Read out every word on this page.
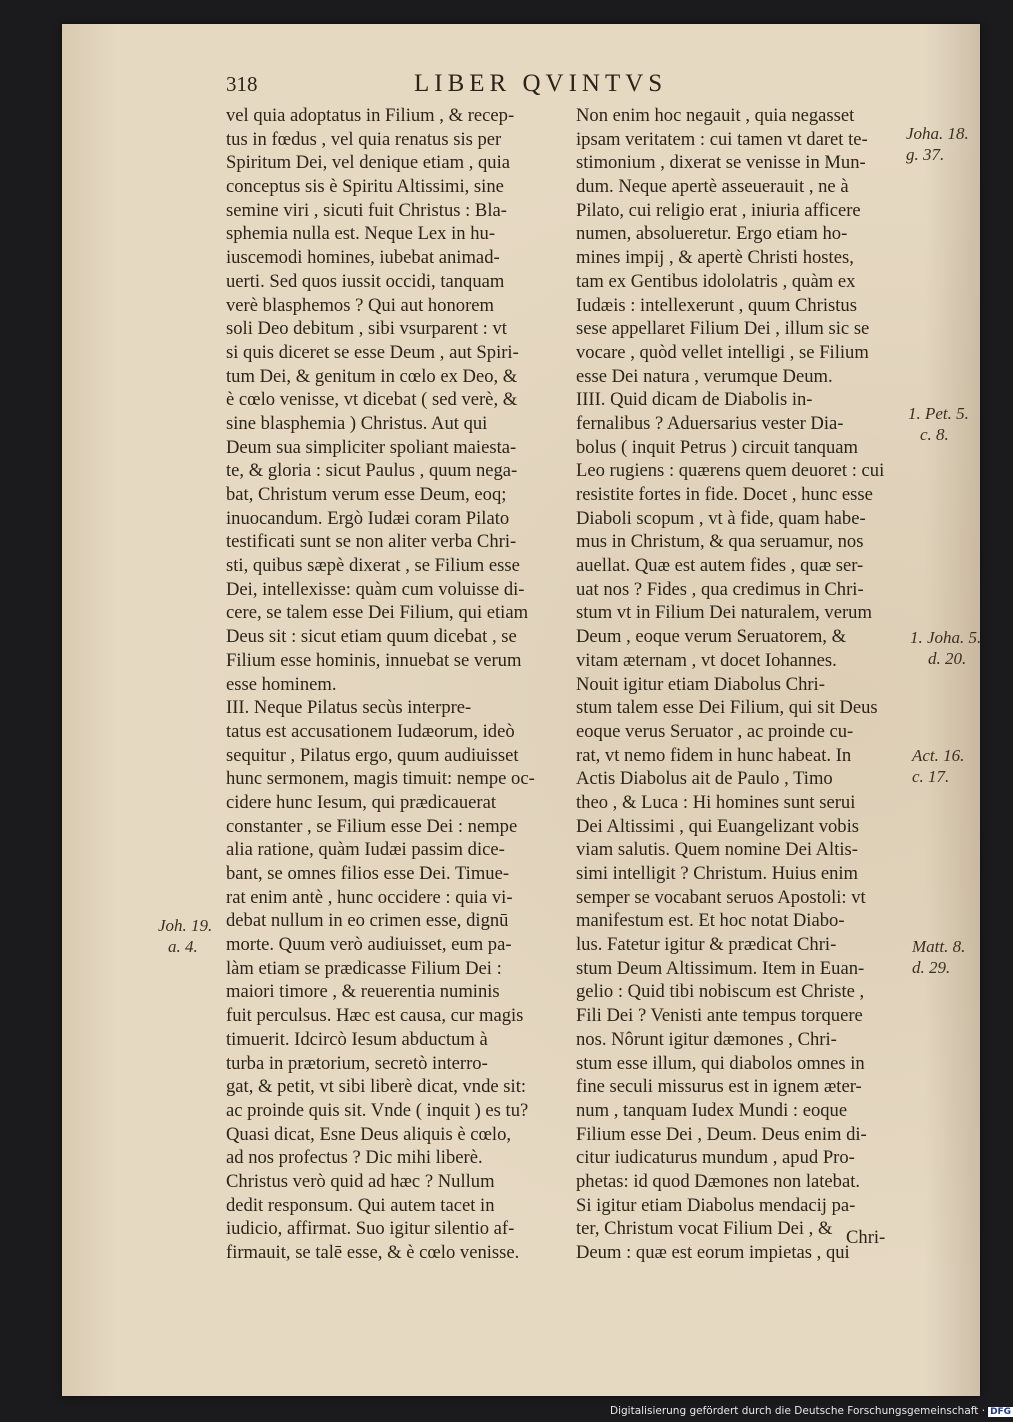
318	LIBER QVINTVS
vel quia adoptatus in Filium , & recep-
tus in fœdus , vel quia renatus sis per
Spiritum Dei, vel denique etiam , quia
conceptus sis è Spiritu Altissimi, sine
semine viri , sicuti fuit Christus : Bla-
sphemia nulla est. Neque Lex in hu-
iuscemodi homines, iubebat animad-
uerti. Sed quos iussit occidi, tanquam
verè blasphemos ? Qui aut honorem
soli Deo debitum , sibi vsurparent : vt
si quis diceret se esse Deum , aut Spiri-
tum Dei, & genitum in cœlo ex Deo, &
è cœlo venisse, vt dicebat ( sed verè, &
sine blasphemia ) Christus. Aut qui
Deum sua simpliciter spoliant maiesta-
te, & gloria : sicut Paulus , quum nega-
bat, Christum verum esse Deum, eoq;
inuocandum. Ergò Iudæi coram Pilato
testificati sunt se non aliter verba Chri-
sti, quibus sæpè dixerat , se Filium esse
Dei, intellexisse: quàm cum voluisse di-
cere, se talem esse Dei Filium, qui etiam
Deus sit : sicut etiam quum dicebat , se
Filium esse hominis, innuebat se verum
esse hominem.
III. Neque Pilatus secùs interpre-
tatus est accusationem Iudæorum, ideò
sequitur , Pilatus ergo, quum audiuisset
hunc sermonem, magis timuit: nempe oc-
cidere hunc Iesum, qui prædicauerat
constanter , se Filium esse Dei : nempe
alia ratione, quàm Iudæi passim dice-
bant, se omnes filios esse Dei. Timue-
rat enim antè , hunc occidere : quia vi-
debat nullum in eo crimen esse, dignū
morte. Quum verò audiuisset, eum pa-
làm etiam se prædicasse Filium Dei :
maiori timore , & reuerentia numinis
fuit perculsus. Hæc est causa, cur magis
timuerit. Idcircò Iesum abductum à
turba in prætorium, secretò interro-
gat, & petit, vt sibi liberè dicat, vnde sit:
ac proinde quis sit. Vnde ( inquit ) es tu?
Quasi dicat, Esne Deus aliquis è cœlo,
ad nos profectus ? Dic mihi liberè.
Christus verò quid ad hæc ? Nullum
dedit responsum. Qui autem tacet in
iudicio, affirmat. Suo igitur silentio af-
firmauit, se talē esse, & è cœlo venisse.
Non enim hoc negauit , quia negasset
ipsam veritatem : cui tamen vt daret te-
stimonium , dixerat se venisse in Mun-
dum. Neque apertè asseuerauit , ne à
Pilato, cui religio erat , iniuria afficere
numen, absolueretur. Ergo etiam ho-
mines impij , & apertè Christi hostes,
tam ex Gentibus idololatris , quàm ex
Iudæis : intellexerunt , quum Christus
sese appellaret Filium Dei , illum sic se
vocare , quòd vellet intelligi , se Filium
esse Dei natura , verumque Deum.
IIII. Quid dicam de Diabolis in-
fernalibus ? Aduersarius vester Dia-
bolus ( inquit Petrus ) circuit tanquam
Leo rugiens : quærens quem deuoret : cui
resistite fortes in fide. Docet , hunc esse
Diaboli scopum , vt à fide, quam habe-
mus in Christum, & qua seruamur, nos
auellat. Quæ est autem fides , quæ ser-
uat nos ? Fides , qua credimus in Chri-
stum vt in Filium Dei naturalem, verum
Deum , eoque verum Seruatorem, &
vitam æternam , vt docet Iohannes.
Nouit igitur etiam Diabolus Chri-
stum talem esse Dei Filium, qui sit Deus
eoque verus Seruator , ac proinde cu-
rat, vt nemo fidem in hunc habeat. In
Actis Diabolus ait de Paulo , Timo
theo , & Luca : Hi homines sunt serui
Dei Altissimi , qui Euangelizant vobis
viam salutis. Quem nomine Dei Altis-
simi intelligit ? Christum. Huius enim
semper se vocabant seruos Apostoli: vt
manifestum est. Et hoc notat Diabo-
lus. Fatetur igitur & prædicat Chri-
stum Deum Altissimum. Item in Euan-
gelio : Quid tibi nobiscum est Christe ,
Fili Dei ? Venisti ante tempus torquere
nos. Nôrunt igitur dæmones , Chri-
stum esse illum, qui diabolos omnes in
fine seculi missurus est in ignem æter-
num , tanquam Iudex Mundi : eoque
Filium esse Dei , Deum. Deus enim di-
citur iudicaturus mundum , apud Pro-
phetas: id quod Dæmones non latebat.
Si igitur etiam Diabolus mendacij pa-
ter, Christum vocat Filium Dei , &
Deum : quæ est eorum impietas , qui
Joh. 19.
a. 4.
Joha. 18.
g. 37.
1. Pet. 5.
c. 8.
1. Joha. 5.
d. 20.
Act. 16.
c. 17.
Matt. 8.
d. 29.
Chri-
Digitalisierung gefördert durch die Deutsche Forschungsgemeinschaft · DFG
